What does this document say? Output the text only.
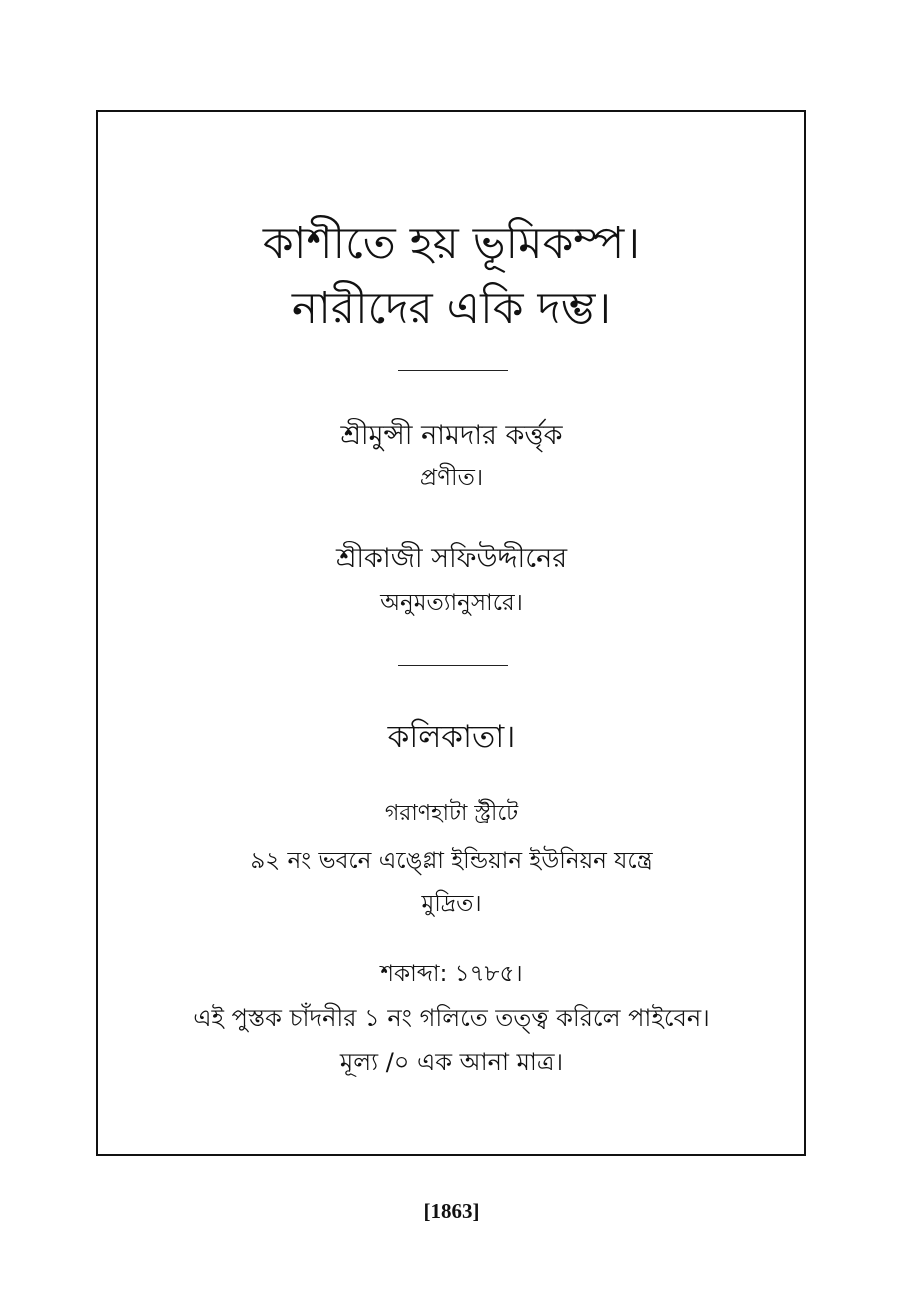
কাশীতে হয় ভূমিকম্প।
নারীদের একি দম্ভ।
শ্রীমুন্সী নামদার কর্ত্তৃক
প্রণীত।
শ্রীকাজী সফিউদ্দীনের
অনুমত্যানুসারে।
কলিকাতা।
গরাণহাটা স্ট্রীটে
৯২ নং ভবনে এঙ্গ্লো ইন্ডিয়ান ইউনিয়ন যন্ত্রে
মুদ্রিত।
শকাব্দা: ১৭৮৫।
এই পুস্তক চাঁদনীর ১ নং গলিতে তত্ত্ব করিলে পাইবেন।
মূল্য /০ এক আনা মাত্র।
[1863]
